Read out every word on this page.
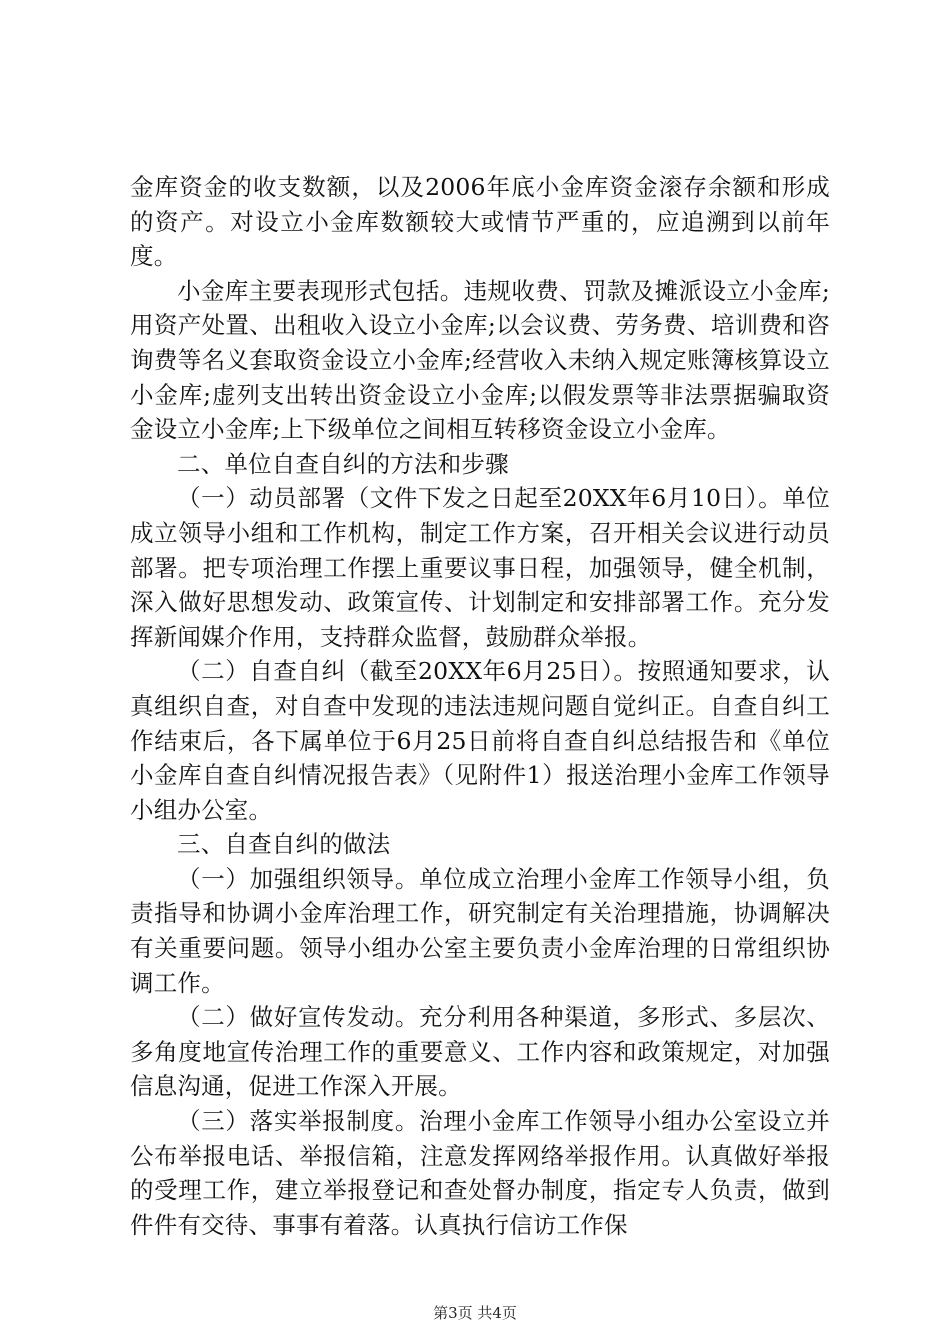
金库资金的收支数额，以及2006年底小金库资金滚存余额和形成的资产。对设立小金库数额较大或情节严重的，应追溯到以前年度。

小金库主要表现形式包括。违规收费、罚款及摊派设立小金库;用资产处置、出租收入设立小金库;以会议费、劳务费、培训费和咨询费等名义套取资金设立小金库;经营收入未纳入规定账簿核算设立小金库;虚列支出转出资金设立小金库;以假发票等非法票据骗取资金设立小金库;上下级单位之间相互转移资金设立小金库。

二、单位自查自纠的方法和步骤

（一）动员部署（文件下发之日起至20XX年6月10日）。单位成立领导小组和工作机构，制定工作方案，召开相关会议进行动员部署。把专项治理工作摆上重要议事日程，加强领导，健全机制，深入做好思想发动、政策宣传、计划制定和安排部署工作。充分发挥新闻媒介作用，支持群众监督，鼓励群众举报。

（二）自查自纠（截至20XX年6月25日）。按照通知要求，认真组织自查，对自查中发现的违法违规问题自觉纠正。自查自纠工作结束后，各下属单位于6月25日前将自查自纠总结报告和《单位小金库自查自纠情况报告表》（见附件1）报送治理小金库工作领导小组办公室。

三、自查自纠的做法

（一）加强组织领导。单位成立治理小金库工作领导小组，负责指导和协调小金库治理工作，研究制定有关治理措施，协调解决有关重要问题。领导小组办公室主要负责小金库治理的日常组织协调工作。

（二）做好宣传发动。充分利用各种渠道，多形式、多层次、多角度地宣传治理工作的重要意义、工作内容和政策规定，对加强信息沟通，促进工作深入开展。

（三）落实举报制度。治理小金库工作领导小组办公室设立并公布举报电话、举报信箱，注意发挥网络举报作用。认真做好举报的受理工作，建立举报登记和查处督办制度，指定专人负责，做到件件有交待、事事有着落。认真执行信访工作保

第3页 共4页
